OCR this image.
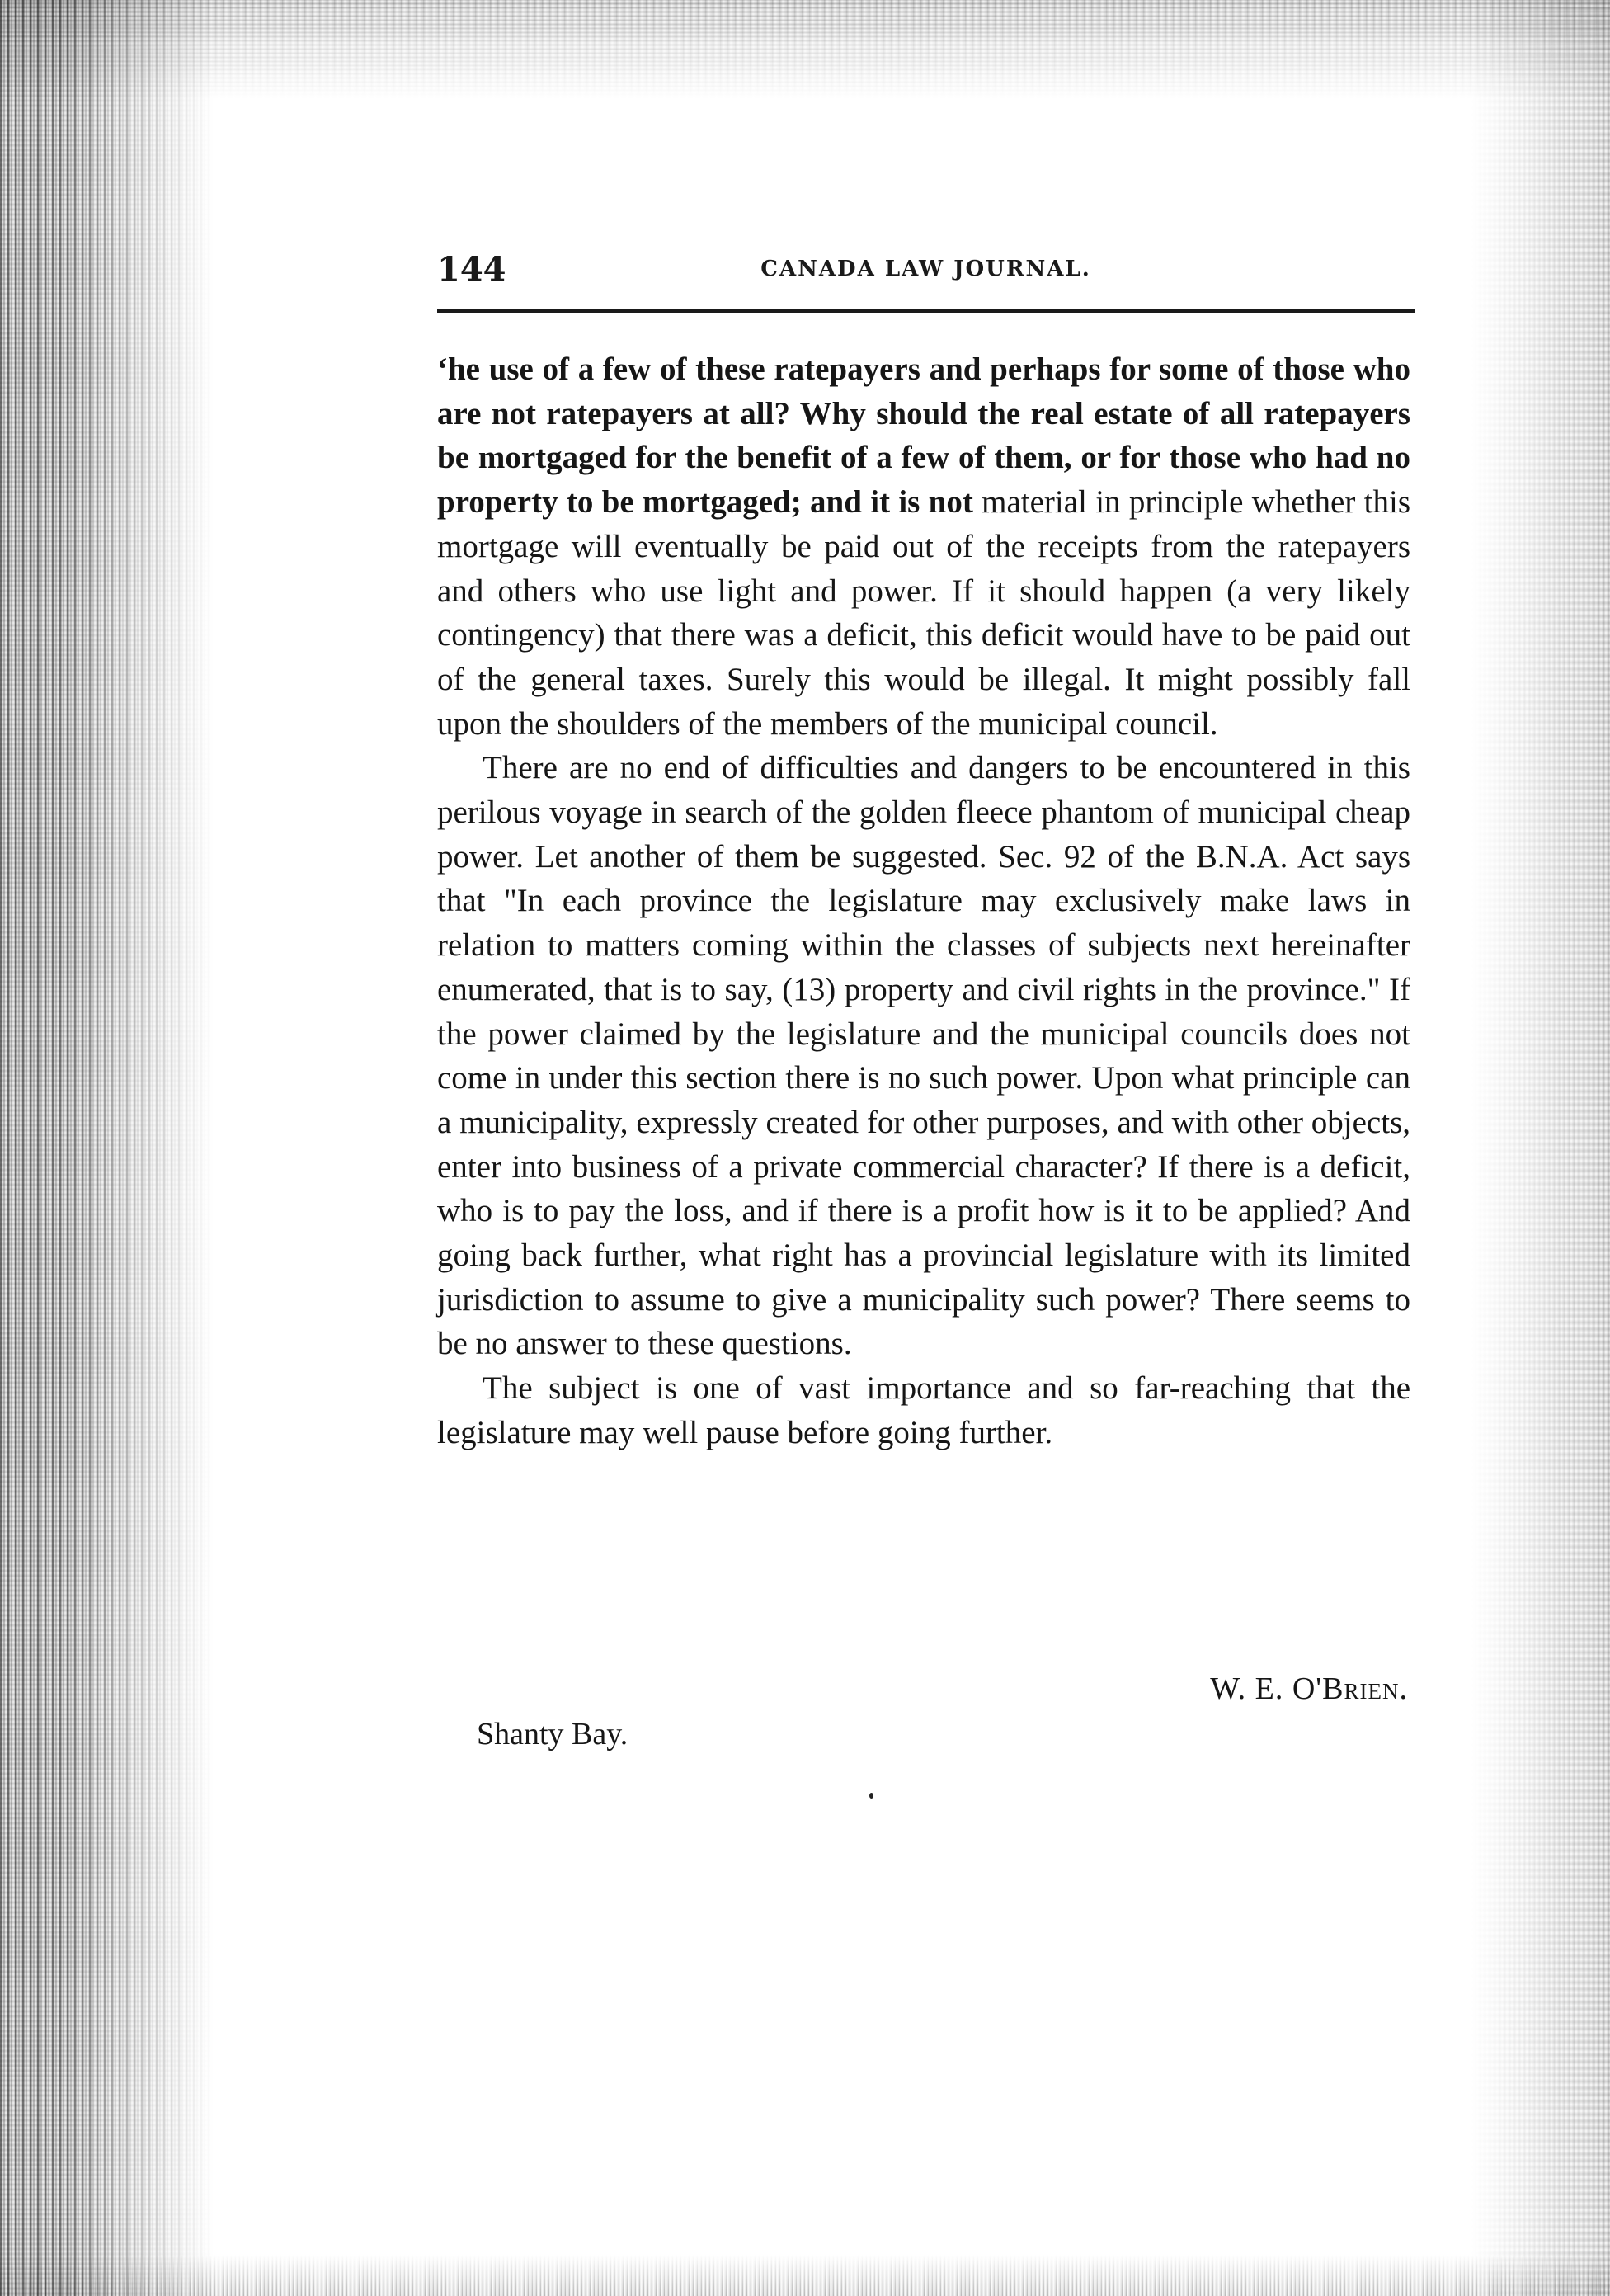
144	CANADA LAW JOURNAL.

ʻhe use of a few of these ratepayers and perhaps for some of those who are not ratepayers at all? Why should the real estate of all ratepayers be mortgaged for the benefit of a few of them, or for those who had no property to be mortgaged; and it is not material in principle whether this mortgage will eventually be paid out of the receipts from the ratepayers and others who use light and power. If it should happen (a very likely contingency) that there was a deficit, this deficit would have to be paid out of the general taxes. Surely this would be illegal. It might possibly fall upon the shoulders of the members of the municipal council.

There are no end of difficulties and dangers to be encountered in this perilous voyage in search of the golden fleece phantom of municipal cheap power. Let another of them be suggested. Sec. 92 of the B.N.A. Act says that "In each province the legislature may exclusively make laws in relation to matters coming within the classes of subjects next hereinafter enumerated, that is to say, (13) property and civil rights in the province." If the power claimed by the legislature and the municipal councils does not come in under this section there is no such power. Upon what principle can a municipality, expressly created for other purposes, and with other objects, enter into business of a private commercial character? If there is a deficit, who is to pay the loss, and if there is a profit how is it to be applied? And going back further, what right has a provincial legislature with its limited jurisdiction to assume to give a municipality such power? There seems to be no answer to these questions.

The subject is one of vast importance and so far-reaching that the legislature may well pause before going further.

W. E. O'Brien.
Shanty Bay.
